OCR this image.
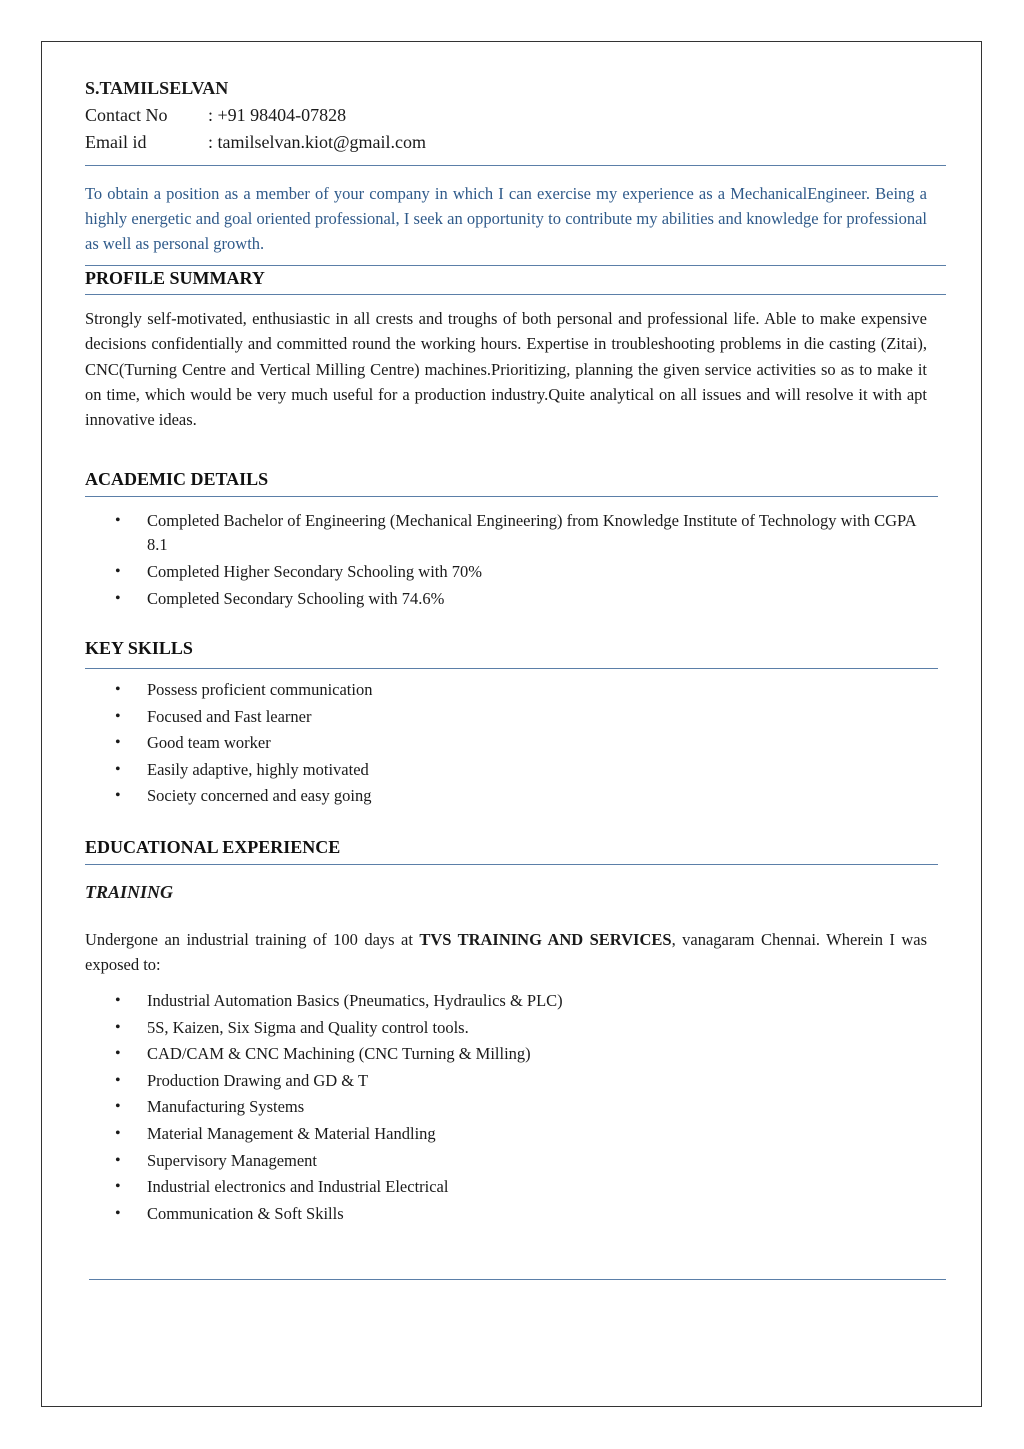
S.TAMILSELVAN
Contact No : +91 98404-07828
Email id	: tamilselvan.kiot@gmail.com

To obtain a position as a member of your company in which I can exercise my experience as a MechanicalEngineer. Being a highly energetic and goal oriented professional, I seek an opportunity to contribute my abilities and knowledge for professional as well as personal growth.

PROFILE SUMMARY

Strongly self-motivated, enthusiastic in all crests and troughs of both personal and professional life. Able to make expensive decisions confidentially and committed round the working hours. Expertise in troubleshooting problems in die casting (Zitai), CNC(Turning Centre and Vertical Milling Centre) machines.Prioritizing, planning the given service activities so as to make it on time, which would be very much useful for a production industry.Quite analytical on all issues and will resolve it with apt innovative ideas.

ACADEMIC DETAILS
• Completed Bachelor of Engineering (Mechanical Engineering) from Knowledge Institute of Technology with CGPA 8.1
• Completed Higher Secondary Schooling with 70%
• Completed Secondary Schooling with 74.6%
KEY SKILLS
• Possess proficient communication
• Focused and Fast learner
• Good team worker
• Easily adaptive, highly motivated
• Society concerned and easy going
EDUCATIONAL EXPERIENCE
TRAINING

Undergone an industrial training of 100 days at TVS TRAINING AND SERVICES, vanagaram Chennai. Wherein I was exposed to:

• Industrial Automation Basics (Pneumatics, Hydraulics & PLC)
• 5S, Kaizen, Six Sigma and Quality control tools.
• CAD/CAM & CNC Machining (CNC Turning & Milling)
• Production Drawing and GD & T
• Manufacturing Systems
• Material Management & Material Handling
• Supervisory Management
• Industrial electronics and Industrial Electrical
• Communication & Soft Skills
